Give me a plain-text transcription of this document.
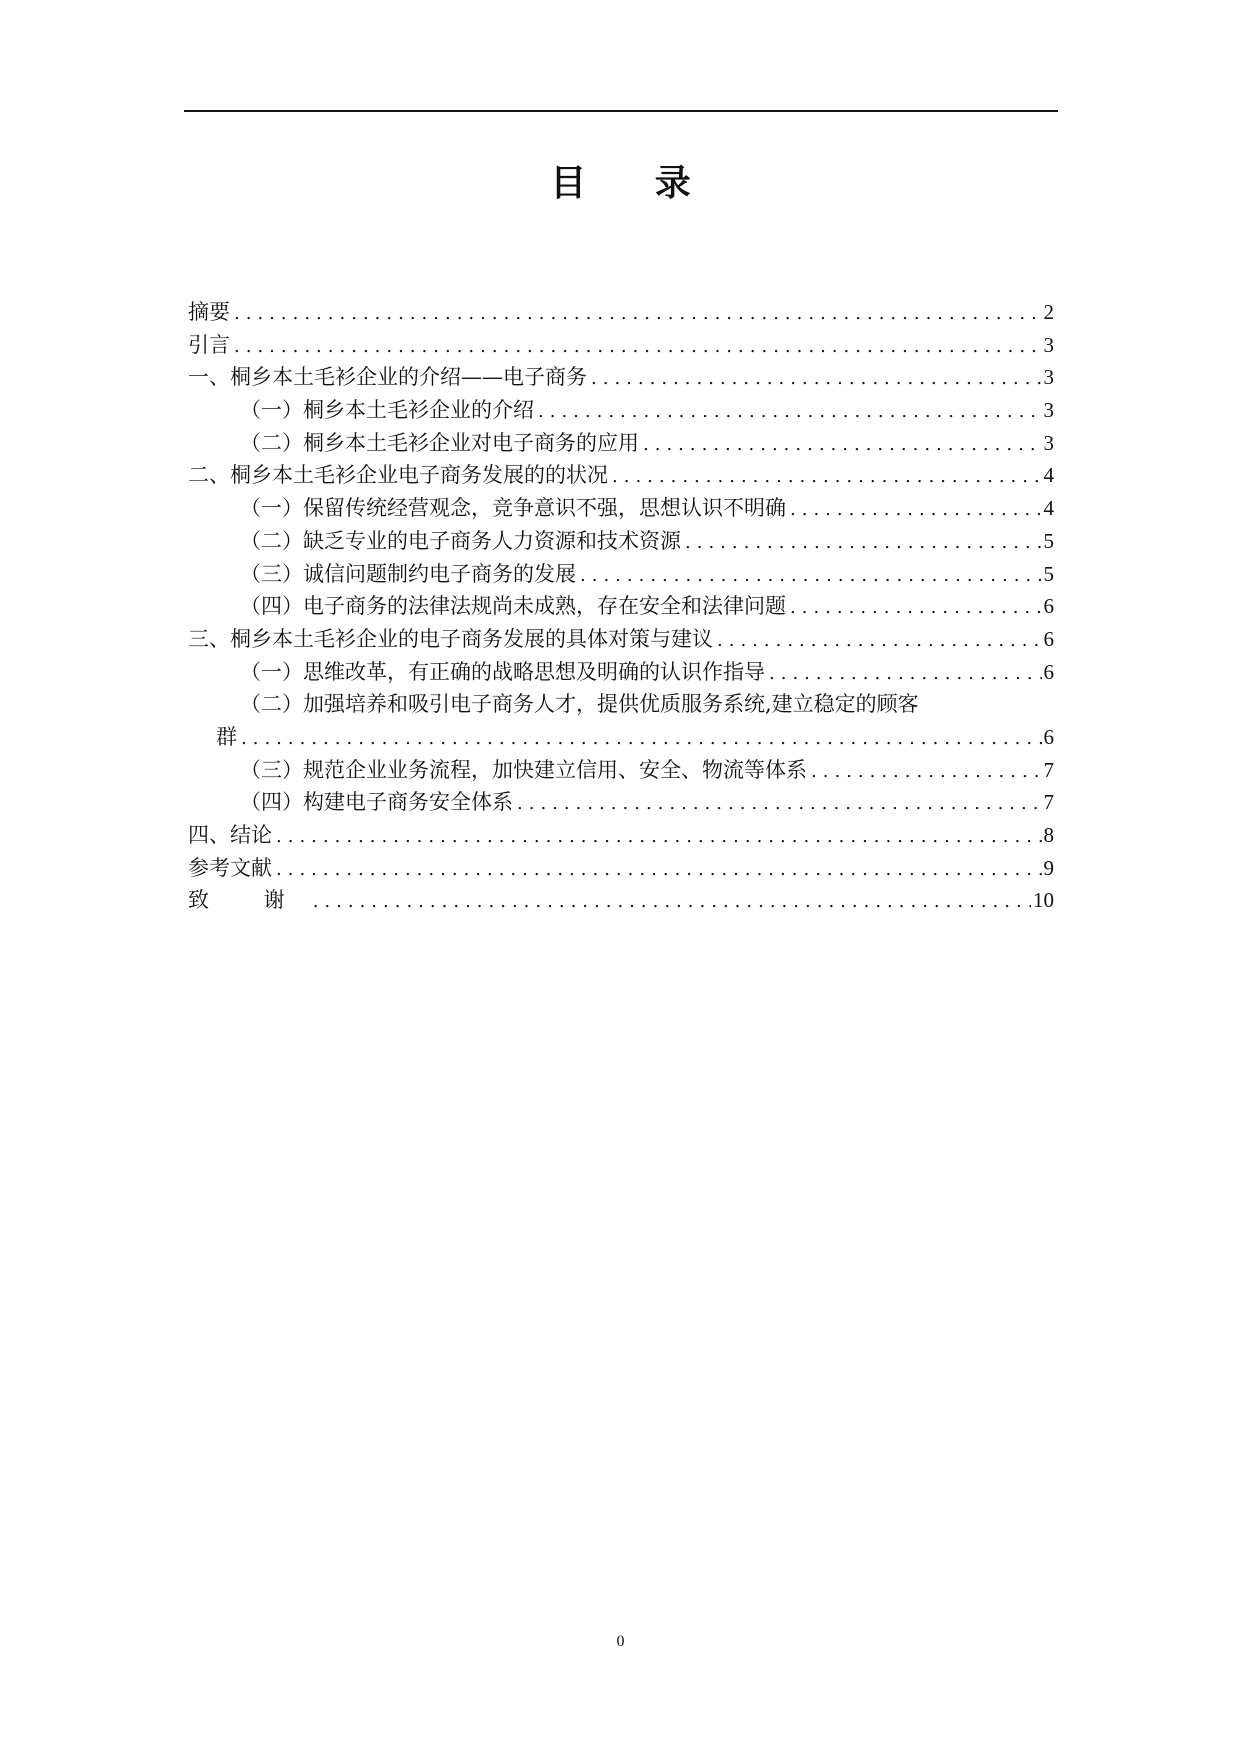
目 录
摘要 .....	2
引言 .....	3
一、桐乡本土毛衫企业的介绍——电子商务 .....	3
（一）桐乡本土毛衫企业的介绍 .....	3
（二）桐乡本土毛衫企业对电子商务的应用 .....	3
二、桐乡本土毛衫企业电子商务发展的的状况 .....	4
（一）保留传统经营观念，竞争意识不强，思想认识不明确 .....	4
（二）缺乏专业的电子商务人力资源和技术资源 .....	5
（三）诚信问题制约电子商务的发展 .....	5
（四）电子商务的法律法规尚未成熟，存在安全和法律问题 .....	6
三、桐乡本土毛衫企业的电子商务发展的具体对策与建议 .....	6
（一）思维改革，有正确的战略思想及明确的认识作指导 .....	6
（二）加强培养和吸引电子商务人才，提供优质服务系统,建立稳定的顾客
群 .....	6
（三）规范企业业务流程，加快建立信用、安全、物流等体系 .....	7
（四）构建电子商务安全体系 .....	7
四、结论 .....	8
参考文献 .....	9
致 谢 .....	10
0
